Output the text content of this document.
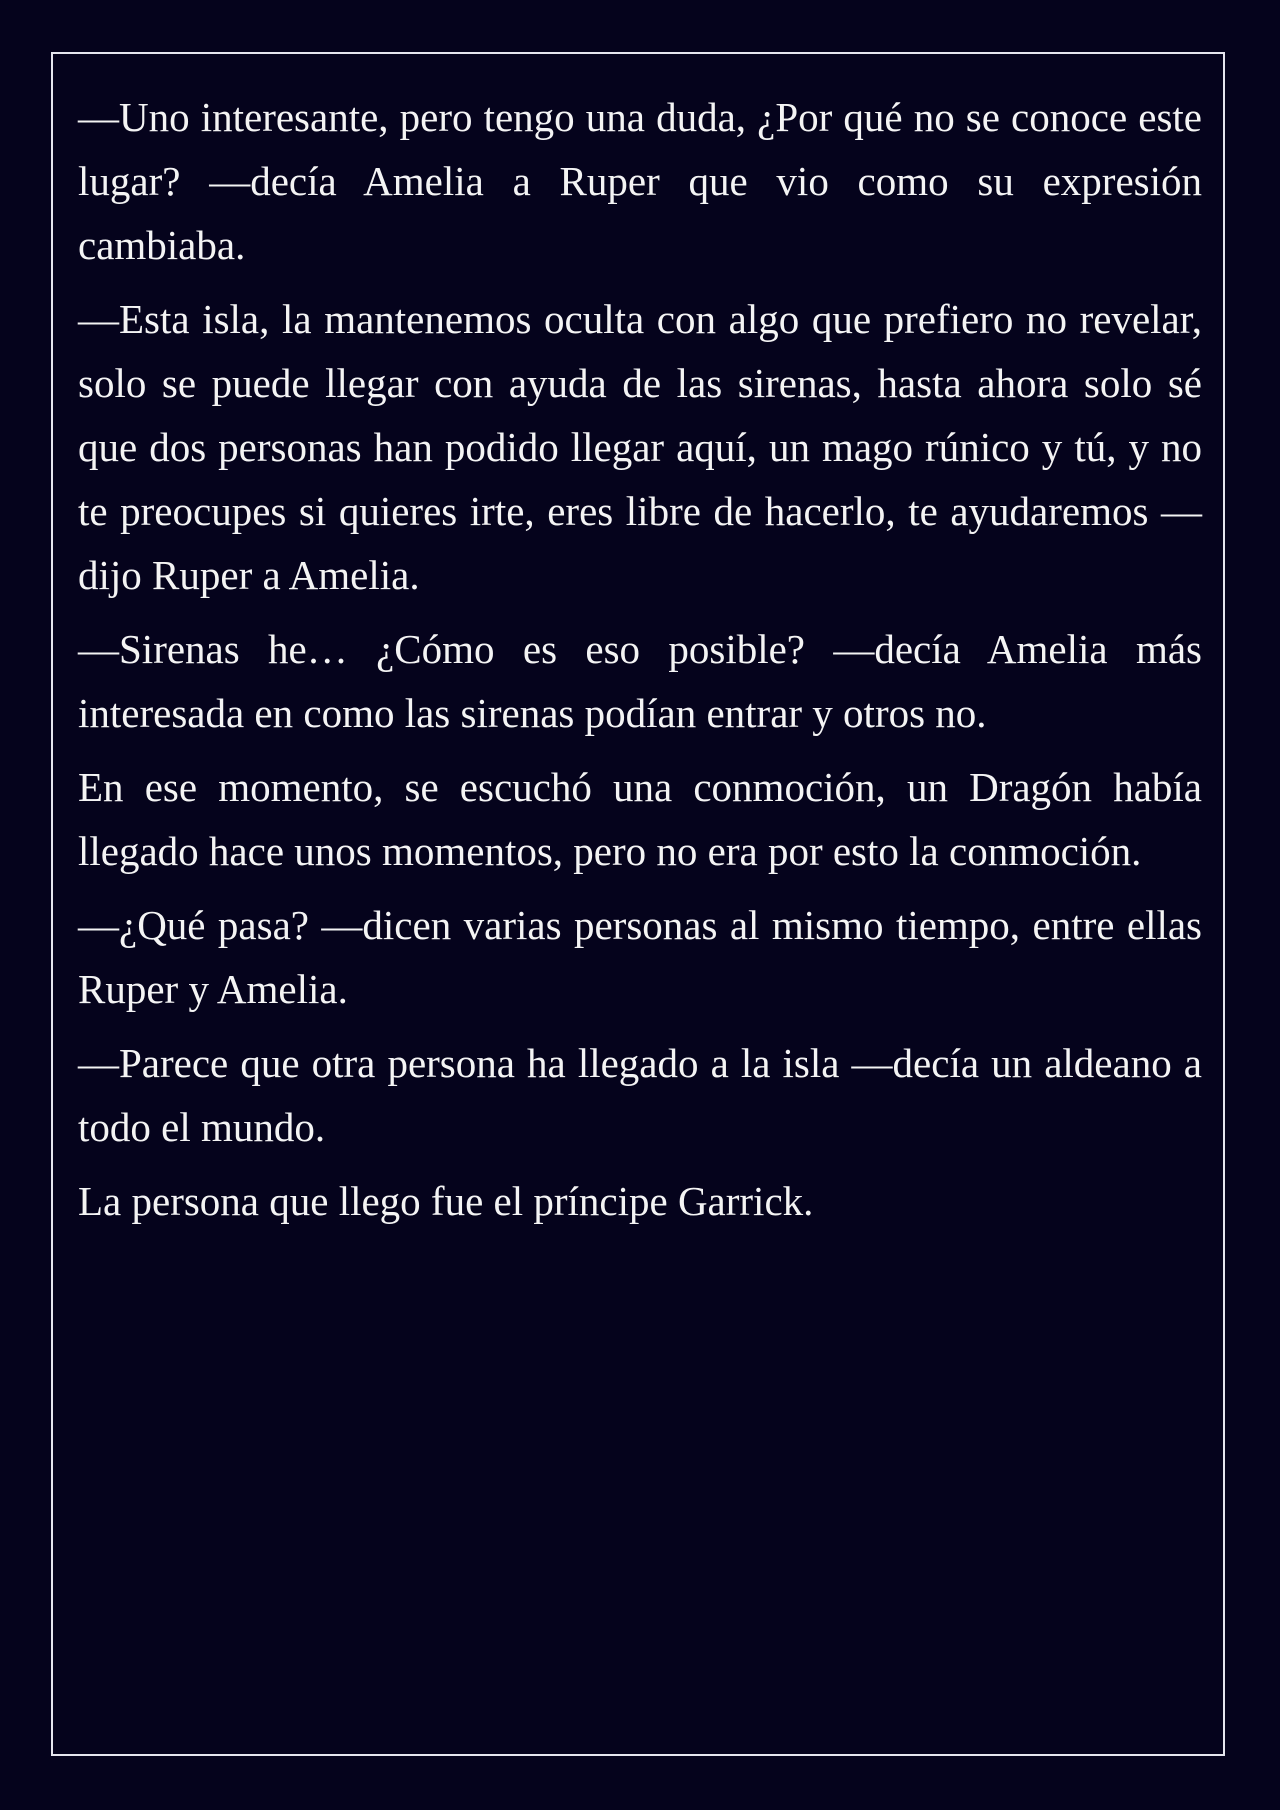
—Uno interesante, pero tengo una duda, ¿Por qué no se conoce este lugar? —decía Amelia a Ruper que vio como su expresión cambiaba.

—Esta isla, la mantenemos oculta con algo que prefiero no revelar, solo se puede llegar con ayuda de las sirenas, hasta ahora solo sé que dos personas han podido llegar aquí, un mago rúnico y tú, y no te preocupes si quieres irte, eres libre de hacerlo, te ayudaremos —dijo Ruper a Amelia.

—Sirenas he… ¿Cómo es eso posible? —decía Amelia más interesada en como las sirenas podían entrar y otros no.

En ese momento, se escuchó una conmoción, un Dragón había llegado hace unos momentos, pero no era por esto la conmoción.

—¿Qué pasa? —dicen varias personas al mismo tiempo, entre ellas Ruper y Amelia.

—Parece que otra persona ha llegado a la isla —decía un aldeano a todo el mundo.

La persona que llego fue el príncipe Garrick.
